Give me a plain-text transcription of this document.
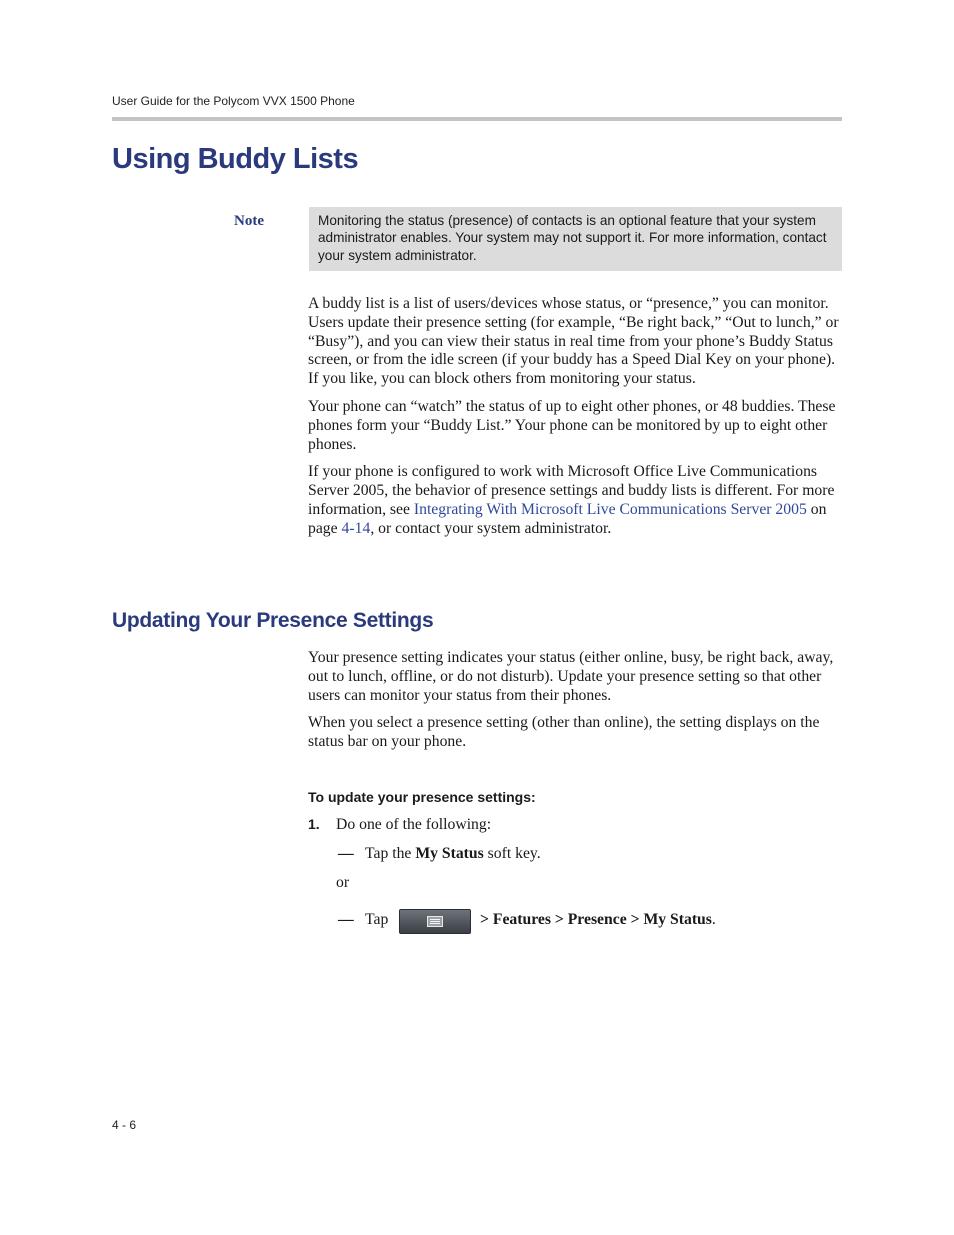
User Guide for the Polycom VVX 1500 Phone
Using Buddy Lists
Note	Monitoring the status (presence) of contacts is an optional feature that your system administrator enables. Your system may not support it. For more information, contact your system administrator.

A buddy list is a list of users/devices whose status, or “presence,” you can monitor. Users update their presence setting (for example, “Be right back,” “Out to lunch,” or “Busy”), and you can view their status in real time from your phone’s Buddy Status screen, or from the idle screen (if your buddy has a Speed Dial Key on your phone). If you like, you can block others from monitoring your status.

Your phone can “watch” the status of up to eight other phones, or 48 buddies. These phones form your “Buddy List.” Your phone can be monitored by up to eight other phones.

If your phone is configured to work with Microsoft Office Live Communications Server 2005, the behavior of presence settings and buddy lists is different. For more information, see Integrating With Microsoft Live Communications Server 2005 on page 4-14, or contact your system administrator.

Updating Your Presence Settings

Your presence setting indicates your status (either online, busy, be right back, away, out to lunch, offline, or do not disturb). Update your presence setting so that other users can monitor your status from their phones.

When you select a presence setting (other than online), the setting displays on the status bar on your phone.

To update your presence settings:
1. Do one of the following:
— Tap the My Status soft key.
or
— Tap	> Features > Presence > My Status.
4 - 6
